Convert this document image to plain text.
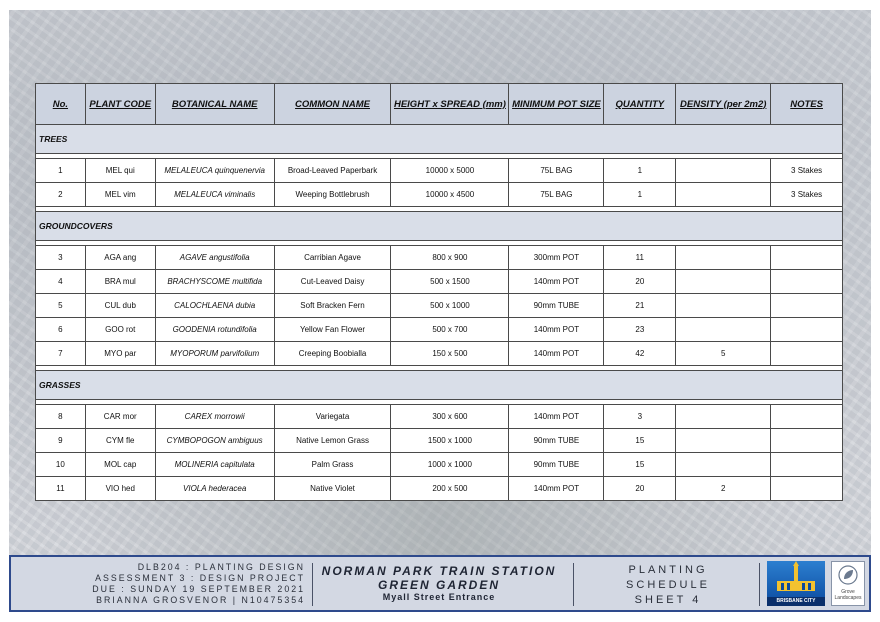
No.	PLANT CODE	BOTANICAL NAME	COMMON NAME	HEIGHT x SPREAD (mm)	MINIMUM POT SIZE	QUANTITY	DENSITY (per 2m2)	NOTES
TREES								

1	MEL qui	MELALEUCA quinquenervia	Broad-Leaved Paperbark	10000 x 5000	75L BAG	1		3 Stakes
2	MEL vim	MELALEUCA viminalis	Weeping Bottlebrush	10000 x 4500	75L BAG	1		3 Stakes

GROUNDCOVERS								

3	AGA ang	AGAVE angustifolia	Carribian Agave	800 x 900	300mm POT	11		
4	BRA mul	BRACHYSCOME multifida	Cut-Leaved Daisy	500 x 1500	140mm POT	20		
5	CUL dub	CALOCHLAENA dubia	Soft Bracken Fern	500 x 1000	90mm TUBE	21		
6	GOO rot	GOODENIA rotundifolia	Yellow Fan Flower	500 x 700	140mm POT	23		
7	MYO par	MYOPORUM parvifolium	Creeping Boobialla	150 x 500	140mm POT	42	5	

GRASSES								

8	CAR mor	CAREX morrowii	Variegata	300 x 600	140mm POT	3		
9	CYM fle	CYMBOPOGON ambiguus	Native Lemon Grass	1500 x 1000	90mm TUBE	15		
10	MOL cap	MOLINERIA capitulata	Palm Grass	1000 x 1000	90mm TUBE	15		
11	VIO hed	VIOLA hederacea	Native Violet	200 x 500	140mm POT	20	2	
DLB204 : PLANTING DESIGN
ASSESSMENT 3 : DESIGN PROJECT
DUE : SUNDAY 19 SEPTEMBER 2021
BRIANNA GROSVENOR | N10475354
NORMAN PARK TRAIN STATION
GREEN GARDEN
Myall Street Entrance
PLANTING
SCHEDULE
SHEET 4	BRISBANE CITY
Grove Landscapes
